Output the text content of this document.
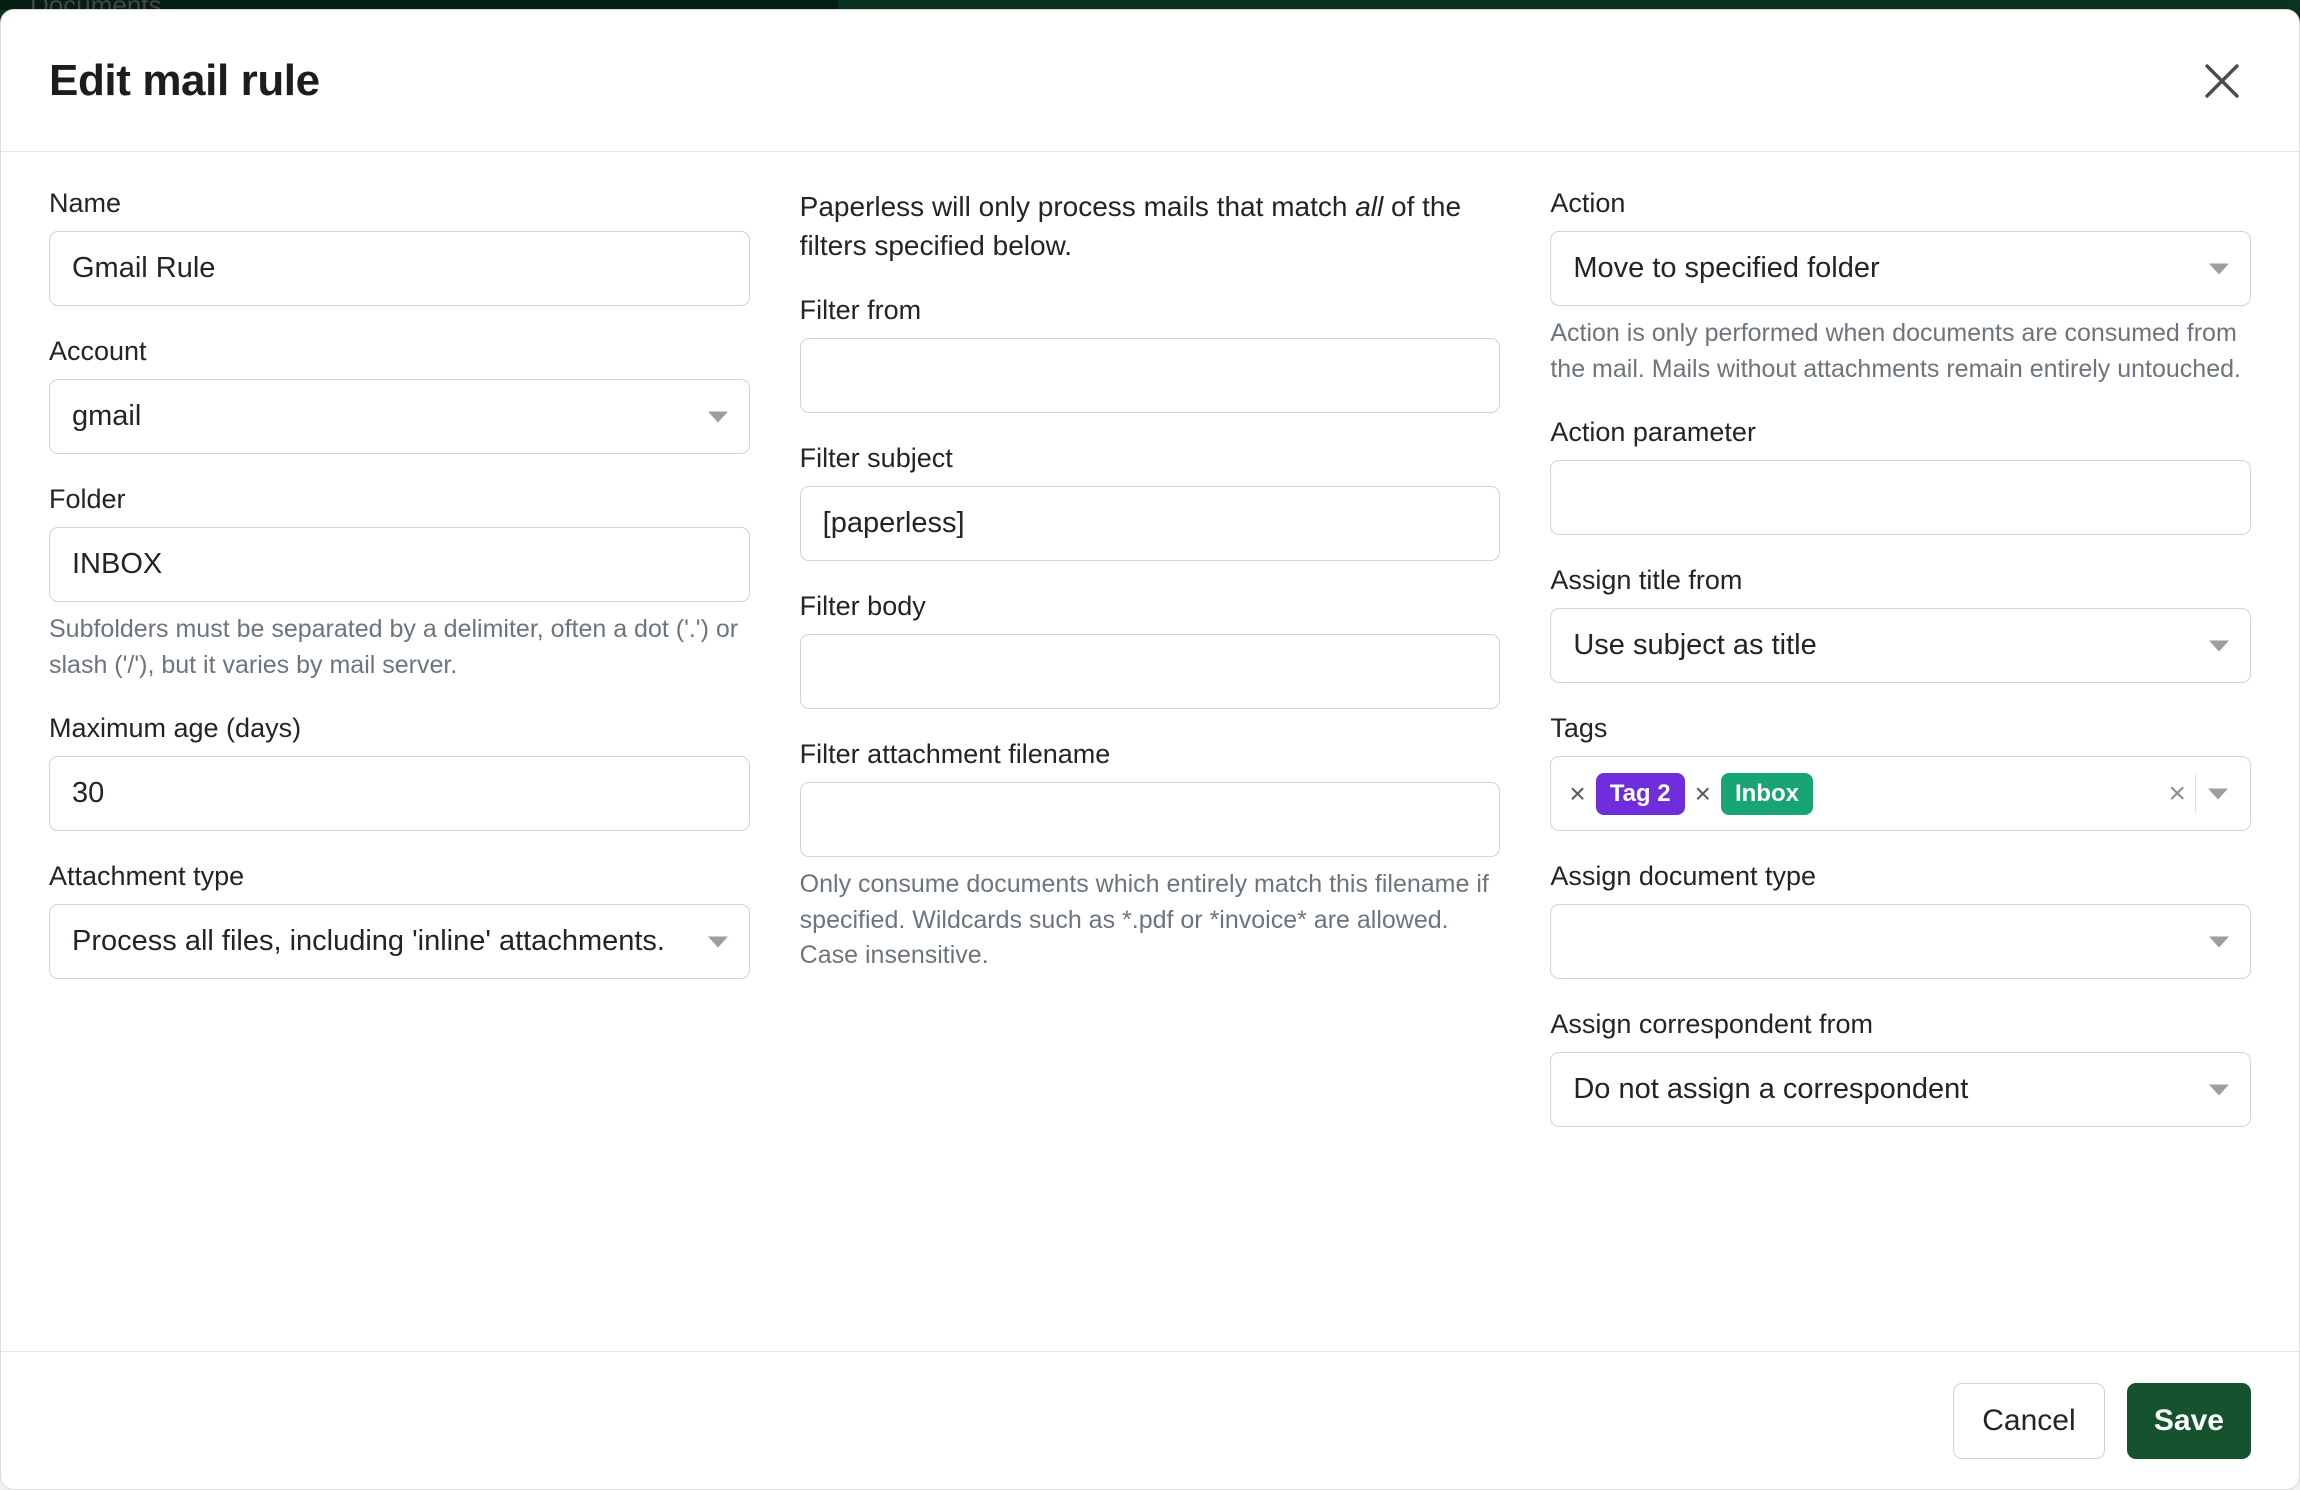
Edit mail rule
Name
Gmail Rule
Account
gmail
Folder
INBOX
Subfolders must be separated by a delimiter, often a dot ('.') or slash ('/'), but it varies by mail server.
Maximum age (days)
30
Attachment type
Process all files, including 'inline' attachments.
Paperless will only process mails that match all of the filters specified below.
Filter from
Filter subject
[paperless]
Filter body
Filter attachment filename
Only consume documents which entirely match this filename if specified. Wildcards such as *.pdf or *invoice* are allowed. Case insensitive.
Action
Move to specified folder
Action is only performed when documents are consumed from the mail. Mails without attachments remain entirely untouched.
Action parameter
Assign title from
Use subject as title
Tags
×	Tag 2 ×	Inbox	×
Assign document type
Assign correspondent from
Do not assign a correspondent
Cancel	Save
